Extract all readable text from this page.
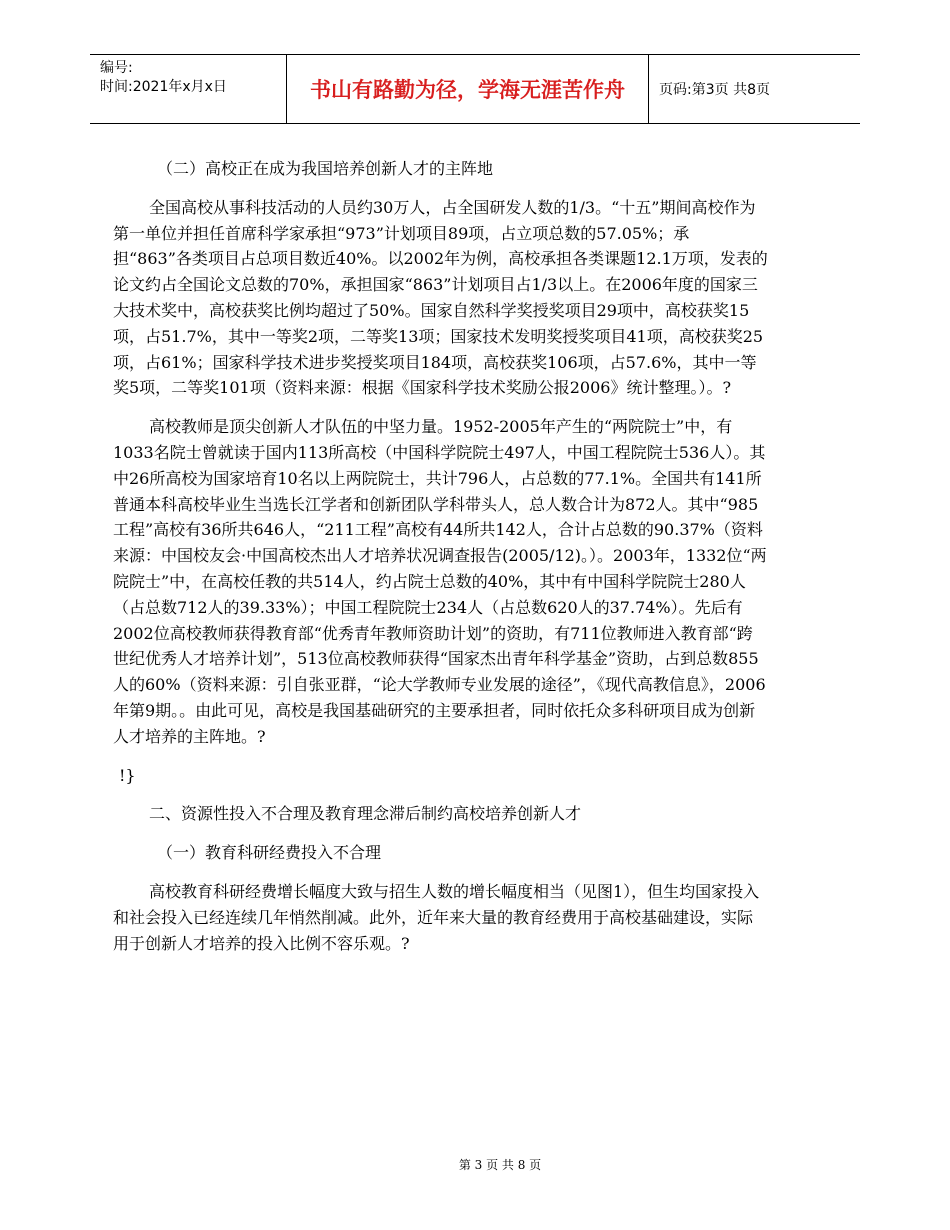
编号:
时间:2021年x月x日	书山有路勤为径，学海无涯苦作舟	页码:第3页 共8页

（二）高校正在成为我国培养创新人才的主阵地

全国高校从事科技活动的人员约30万人，占全国研发人数的1/3。“十五”期间高校作为第一单位并担任首席科学家承担“973”计划项目89项，占立项总数的57.05%；承担“863”各类项目占总项目数近40%。以2002年为例，高校承担各类课题12.1万项，发表的论文约占全国论文总数的70%，承担国家“863”计划项目占1/3以上。在2006年度的国家三大技术奖中，高校获奖比例均超过了50%。国家自然科学奖授奖项目29项中，高校获奖15项，占51.7%，其中一等奖2项，二等奖13项；国家技术发明奖授奖项目41项，高校获奖25项，占61%；国家科学技术进步奖授奖项目184项，高校获奖106项，占57.6%，其中一等奖5项，二等奖101项（资料来源：根据《国家科学技术奖励公报2006》统计整理。）。?

高校教师是顶尖创新人才队伍的中坚力量。1952-2005年产生的“两院院士”中，有1033名院士曾就读于国内113所高校（中国科学院院士497人，中国工程院院士536人）。其中26所高校为国家培育10名以上两院院士，共计796人，占总数的77.1%。全国共有141所普通本科高校毕业生当选长江学者和创新团队学科带头人，总人数合计为872人。其中“985工程”高校有36所共646人，“211工程”高校有44所共142人，合计占总数的90.37%（资料来源：中国校友会·中国高校杰出人才培养状况调查报告(2005/12)。）。2003年，1332位“两院院士”中，在高校任教的共514人，约占院士总数的40%，其中有中国科学院院士280人（占总数712人的39.33%）；中国工程院院士234人（占总数620人的37.74%）。先后有2002位高校教师获得教育部“优秀青年教师资助计划”的资助，有711位教师进入教育部“跨世纪优秀人才培养计划”，513位高校教师获得“国家杰出青年科学基金”资助，占到总数855人的60%（资料来源：引自张亚群，“论大学教师专业发展的途径”，《现代高教信息》，2006年第9期。。由此可见，高校是我国基础研究的主要承担者，同时依托众多科研项目成为创新人才培养的主阵地。?

!}

二、资源性投入不合理及教育理念滞后制约高校培养创新人才

（一）教育科研经费投入不合理

高校教育科研经费增长幅度大致与招生人数的增长幅度相当（见图1），但生均国家投入和社会投入已经连续几年悄然削减。此外，近年来大量的教育经费用于高校基础建设，实际用于创新人才培养的投入比例不容乐观。?

第 3 页 共 8 页
